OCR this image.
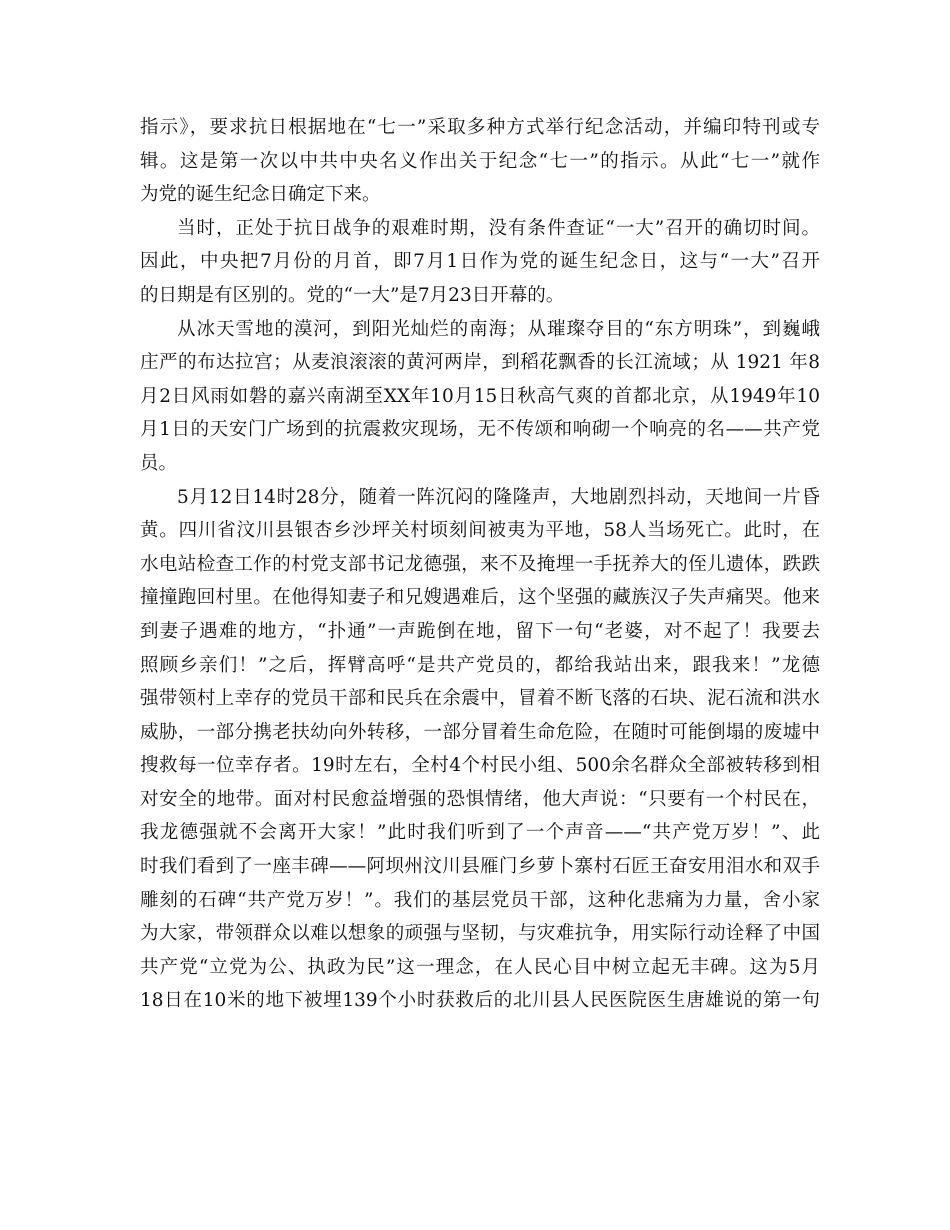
指示》，要求抗日根据地在“七一”采取多种方式举行纪念活动，并编印特刊或专
辑。这是第一次以中共中央名义作出关于纪念“七一”的指示。从此“七一”就作
为党的诞生纪念日确定下来。
当时，正处于抗日战争的艰难时期，没有条件查证“一大”召开的确切时间。
因此，中央把7月份的月首，即7月1日作为党的诞生纪念日，这与“一大”召开
的日期是有区别的。党的“一大”是7月23日开幕的。
从冰天雪地的漠河，到阳光灿烂的南海；从璀璨夺目的“东方明珠”，到巍峨
庄严的布达拉宫；从麦浪滚滚的黄河两岸，到稻花飘香的长江流域；从 1921 年8
月2日风雨如磐的嘉兴南湖至XX年10月15日秋高气爽的首都北京，从1949年10
月1日的天安门广场到的抗震救灾现场，无不传颂和响砌一个响亮的名——共产党
员。
5月12日14时28分，随着一阵沉闷的隆隆声，大地剧烈抖动，天地间一片昏
黄。四川省汶川县银杏乡沙坪关村顷刻间被夷为平地，58人当场死亡。此时，在
水电站检查工作的村党支部书记龙德强，来不及掩埋一手抚养大的侄儿遗体，跌跌
撞撞跑回村里。在他得知妻子和兄嫂遇难后，这个坚强的藏族汉子失声痛哭。他来
到妻子遇难的地方，“扑通”一声跪倒在地，留下一句“老婆，对不起了！我要去
照顾乡亲们！”之后，挥臂高呼“是共产党员的，都给我站出来，跟我来！”龙德
强带领村上幸存的党员干部和民兵在余震中，冒着不断飞落的石块、泥石流和洪水
威胁，一部分携老扶幼向外转移，一部分冒着生命危险，在随时可能倒塌的废墟中
搜救每一位幸存者。19时左右，全村4个村民小组、500余名群众全部被转移到相
对安全的地带。面对村民愈益增强的恐惧情绪，他大声说：“只要有一个村民在，
我龙德强就不会离开大家！”此时我们听到了一个声音——“共产党万岁！”、此
时我们看到了一座丰碑——阿坝州汶川县雁门乡萝卜寨村石匠王奋安用泪水和双手
雕刻的石碑“共产党万岁！”。我们的基层党员干部，这种化悲痛为力量，舍小家
为大家，带领群众以难以想象的顽强与坚韧，与灾难抗争，用实际行动诠释了中国
共产党“立党为公、执政为民”这一理念，在人民心目中树立起无丰碑。这为5月
18日在10米的地下被埋139个小时获救后的北川县人民医院医生唐雄说的第一句
